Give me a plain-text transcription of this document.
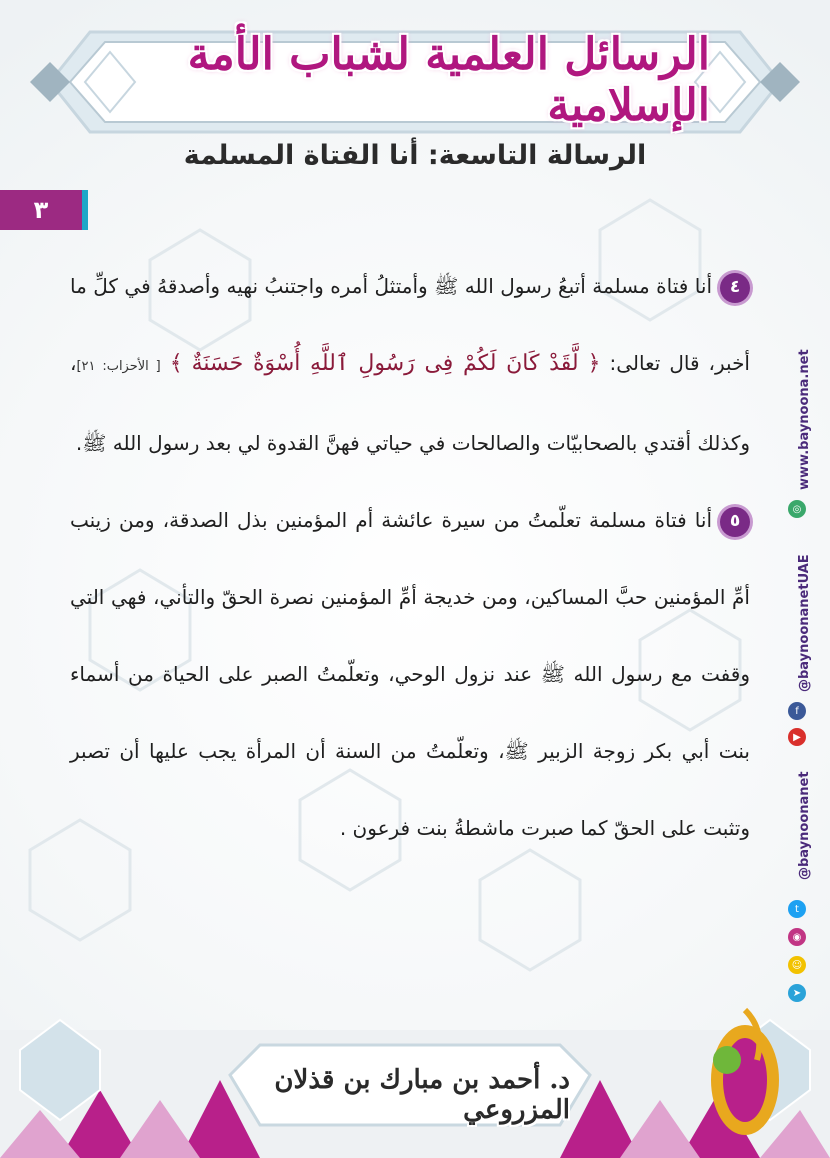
الرسائل العلمية لشباب الأمة الإسلامية
الرسالة التاسعة: أنا الفتاة المسلمة
٣

٤أنا فتاة مسلمة أتبعُ رسول الله ﷺ وأمتثلُ أمره واجتنبُ نهيه وأصدقهُ في كلِّ ما أخبر، قال تعالى: ﴿ لَّقَدْ كَانَ لَكُمْ فِى رَسُولِ ٱللَّهِ أُسْوَةٌ حَسَنَةٌ ﴾ [ الأحزاب: ٢١]، وكذلك أقتدي بالصحابيّات والصالحات في حياتي فهنَّ القدوة لي بعد رسول الله ﷺ.

٥أنا فتاة مسلمة تعلّمتُ من سيرة عائشة أم المؤمنين بذل الصدقة، ومن زينب أمِّ المؤمنين حبَّ المساكين، ومن خديجة أمِّ المؤمنين نصرة الحقّ والتأني، فهي التي وقفت مع رسول الله ﷺ عند نزول الوحي، وتعلّمتُ الصبر على الحياة من أسماء بنت أبي بكر زوجة الزبير ﷺ، وتعلّمتُ من السنة أن المرأة يجب عليها أن تصبر وتثبت على الحقّ كما صبرت ماشطةُ بنت فرعون .

www.baynoona.net
◎
@baynoonanetUAE
f
▶
@baynoonanet
t
◉
☺
➤
د. أحمد بن مبارك بن قذلان المزروعي
